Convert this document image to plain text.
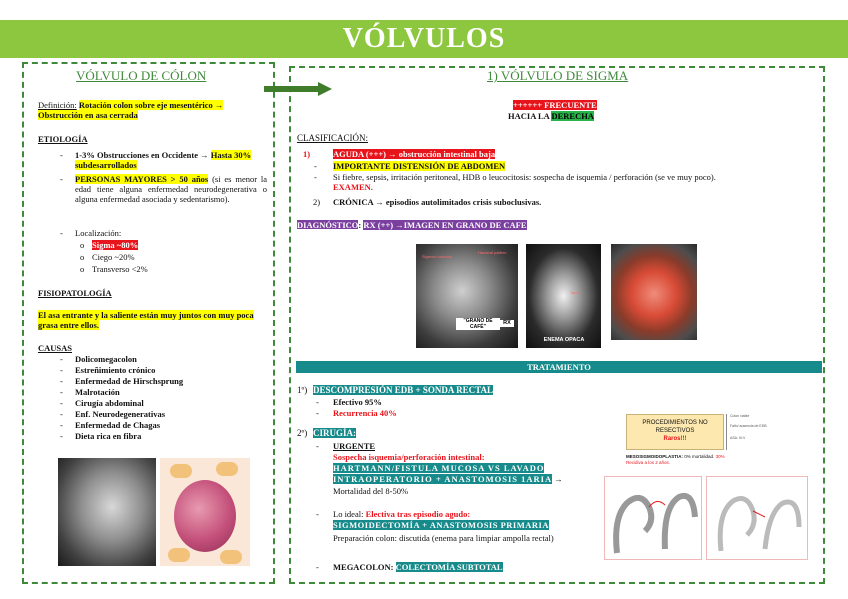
VÓLVULOS
VÓLVULO DE CÓLON
Definición: Rotación colon sobre eje mesentérico → Obstrucción en asa cerrada
ETIOLOGÍA
- 1-3% Obstrucciones en Occidente → Hasta 30% subdesarrollados
- PERSONAS MAYORES > 50 años (si es menor la edad tiene alguna enfermedad neurodegenerativa o alguna enfermedad asociada y sedentarismo).
- Localización:
o Sigma ~80%
o Ciego ~20%
o Transverso <2%
FISIOPATOLOGÍA
El asa entrante y la saliente están muy juntos con muy poca grasa entre ellos.
CAUSAS
- Dolicomegacolon
- Estreñimiento crónico
- Enfermedad de Hirschsprung
- Malrotación
- Cirugía abdominal
- Enf. Neurodegenerativas
- Enfermedad de Chagas
- Dieta rica en fibra
1) VÓLVULO DE SIGMA
++++++ FRECUENTE
HACIA LA DERECHA
CLASIFICACIÓN:
1)	AGUDA (+++) → obstrucción intestinal baja
- IMPORTANTE DISTENSIÓN DE ABDOMEN
- Si fiebre, sepsis, irritación peritoneal, HDB o leucocitosis: sospecha de isquemia / perforación (se ve muy poco).
EXAMEN.
2) CRÓNICA → episodios autolimitados crisis suboclusivas.
DIAGNÓSTICO: RX (++) →IMAGEN EN GRANO DE CAFE
Sigmoid volvulus
Haustral pattern
"GRANO DE CAFÉ"
RX
Taper
ENEMA OPACA
TRATAMIENTO
1º) DESCOMPRESIÓN EDB + SONDA RECTAL
- Efectivo 95%
- Recurrencia 40%
2º) CIRUGÍA:
- URGENTE
Sospecha isquemia/perforación intestinal:
HARTMANN/FISTULA MUCOSA VS LAVADO INTRAOPERATORIO + ANASTOMOSIS 1ARIA →
Mortalidad del 8-50%
- Lo ideal: Electiva tras episodio agudo:
SIGMOIDECTOMÍA + ANASTOMOSIS PRIMARIA
Preparación colon: discutida (enema para limpiar ampolla rectal)
- MEGACOLON: COLECTOMÍA SUBTOTAL
PROCEDIMIENTOS NO
RESECTIVOS
Raros!!!
Colon viable
Fallo/ ausencia de EDB
ASA: III-V
MESOSIGMOIDOPLASTIA: 0% mortalidad. 30%
Recidiva a los 2 años.
